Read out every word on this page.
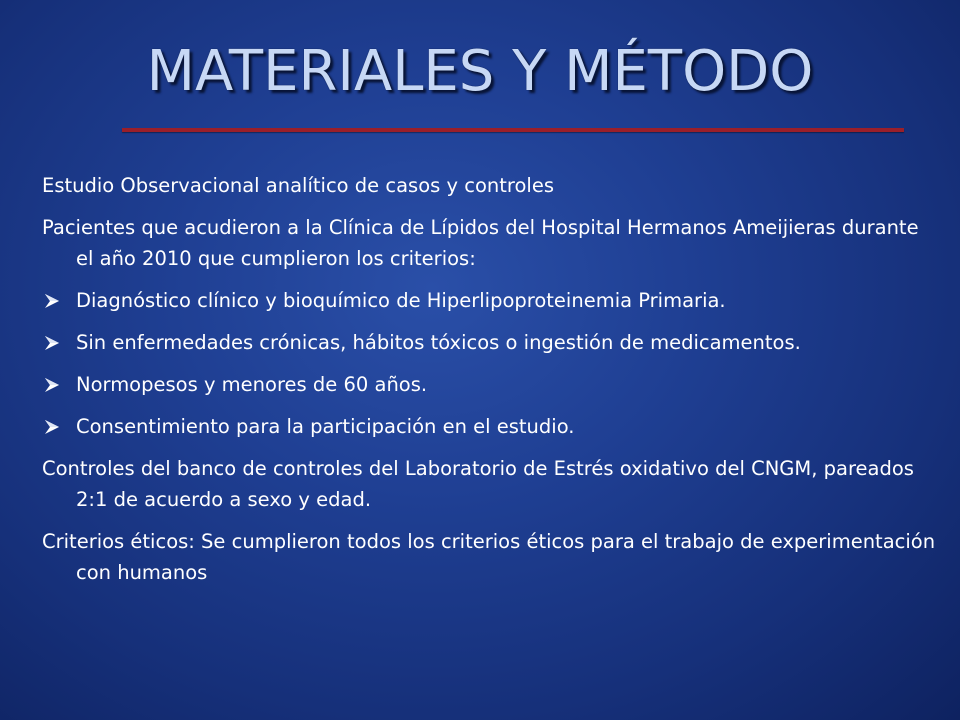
MATERIALES Y MÉTODO

Estudio Observacional analítico de casos y controles

Pacientes que acudieron a la Clínica de Lípidos del Hospital Hermanos Ameijieras durante el año 2010 que cumplieron los criterios:

Diagnóstico clínico y bioquímico de Hiperlipoproteinemia Primaria.
Sin enfermedades crónicas, hábitos tóxicos o ingestión de medicamentos.
Normopesos y menores de 60 años.
Consentimiento para la participación en el estudio.

Controles del banco de controles del Laboratorio de Estrés oxidativo del CNGM, pareados 2:1 de acuerdo a sexo y edad.

Criterios éticos: Se cumplieron todos los criterios éticos para el trabajo de experimentación con humanos
